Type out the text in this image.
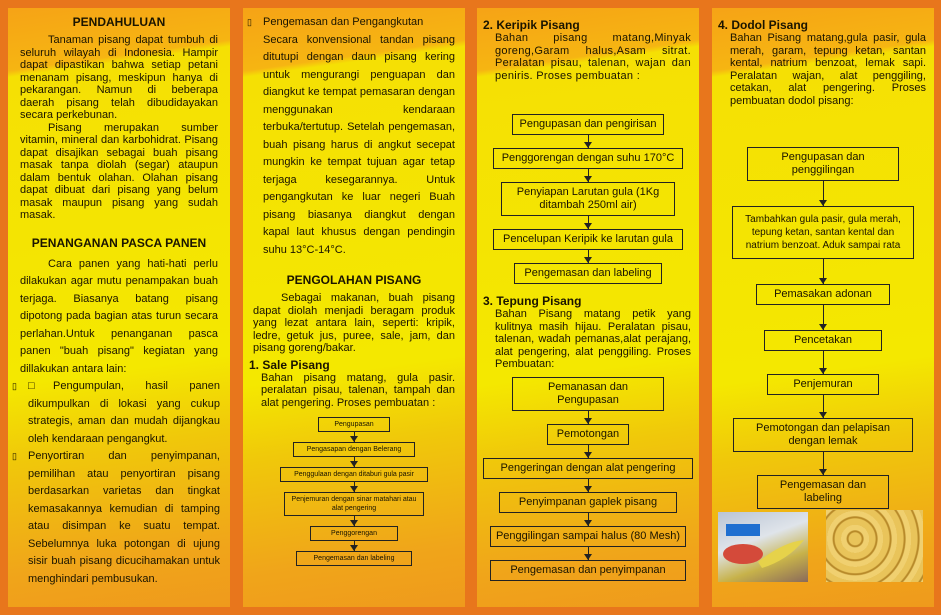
PENDAHULUAN

Tanaman pisang dapat tumbuh di seluruh wilayah di Indonesia. Hampir dapat dipastikan bahwa setiap petani menanam pisang, meskipun hanya di pekarangan. Namun di beberapa daerah pisang telah dibudidayakan secara perkebunan.

Pisang merupakan sumber vitamin, mineral dan karbohidrat. Pisang dapat disajikan sebagai buah pisang masak tanpa diolah (segar) ataupun dalam bentuk olahan. Olahan pisang dapat dibuat dari pisang yang belum masak maupun pisang yang sudah masak.

PENANGANAN PASCA PANEN

Cara panen yang hati-hati perlu dilakukan agar mutu penampakan buah terjaga. Biasanya batang pisang dipotong pada bagian atas turun secara perlahan.Untuk penanganan pasca panen "buah pisang" kegiatan yang dillakukan antara lain:

▯	□Pengumpulan, hasil panen dikumpulkan di lokasi yang cukup strategis, aman dan mudah dijangkau oleh kendaraan pengangkut.
▯	Penyortiran dan penyimpanan, pemilihan atau penyortiran pisang berdasarkan varietas dan tingkat kemasakannya kemudian di tamping atau disimpan ke suatu tempat. Sebelumnya luka potongan di ujung sisir buah pisang dicucihamakan untuk menghindari pembusukan.
▯	Pengemasan dan Pengangkutan

Secara konvensional tandan pisang ditutupi dengan daun pisang kering untuk mengurangi penguapan dan diangkut ke tempat pemasaran dengan menggunakan kendaraan terbuka/tertutup. Setelah pengemasan, buah pisang harus di angkut secepat mungkin ke tempat tujuan agar tetap terjaga kesegarannya. Untuk pengangkutan ke luar negeri Buah pisang biasanya diangkut dengan kapal laut khusus dengan pendingin suhu 13°C-14°C.

PENGOLAHAN PISANG

Sebagai makanan, buah pisang dapat diolah menjadi beragam produk yang lezat antara lain, seperti: kripik, ledre, getuk jus, puree, sale, jam, dan pisang goreng/bakar.

1. Sale Pisang

Bahan pisang matang, gula pasir. peralatan pisau, talenan, tampah dan alat pengering. Proses pembuatan :

Pengupasan
Pengasapan dengan Belerang
Penggulaan dengan ditaburi gula pasir
Penjemuran dengan sinar matahari atau alat pengering
Penggorengan
Pengemasan dan labeling
2. Keripik Pisang

Bahan pisang matang,Minyak goreng,Garam halus,Asam sitrat. Peralatan pisau, talenan, wajan dan peniris. Proses pembuatan :

Pengupasan dan pengirisan
Penggorengan dengan suhu 170°C
Penyiapan Larutan gula (1Kg ditambah 250ml air)
Pencelupan Keripik ke larutan gula
Pengemasan dan labeling
3. Tepung Pisang

Bahan Pisang matang petik yang kulitnya masih hijau. Peralatan pisau, talenan, wadah pemanas,alat perajang, alat pengering, alat penggiling. Proses Pembuatan:

Pemanasan dan Pengupasan
Pemotongan
Pengeringan dengan alat pengering
Penyimpanan gaplek pisang
Penggilingan sampai halus (80 Mesh)
Pengemasan dan penyimpanan
4. Dodol Pisang

Bahan Pisang matang,gula pasir, gula merah, garam, tepung ketan, santan kental, natrium benzoat, lemak sapi. Peralatan wajan, alat penggiling, cetakan, alat pengering. Proses pembuatan dodol pisang:

Pengupasan dan penggilingan
Tambahkan gula pasir, gula merah, tepung ketan, santan kental dan natrium benzoat. Aduk sampai rata
Pemasakan adonan
Pencetakan
Penjemuran
Pemotongan dan pelapisan dengan lemak
Pengemasan dan labeling
